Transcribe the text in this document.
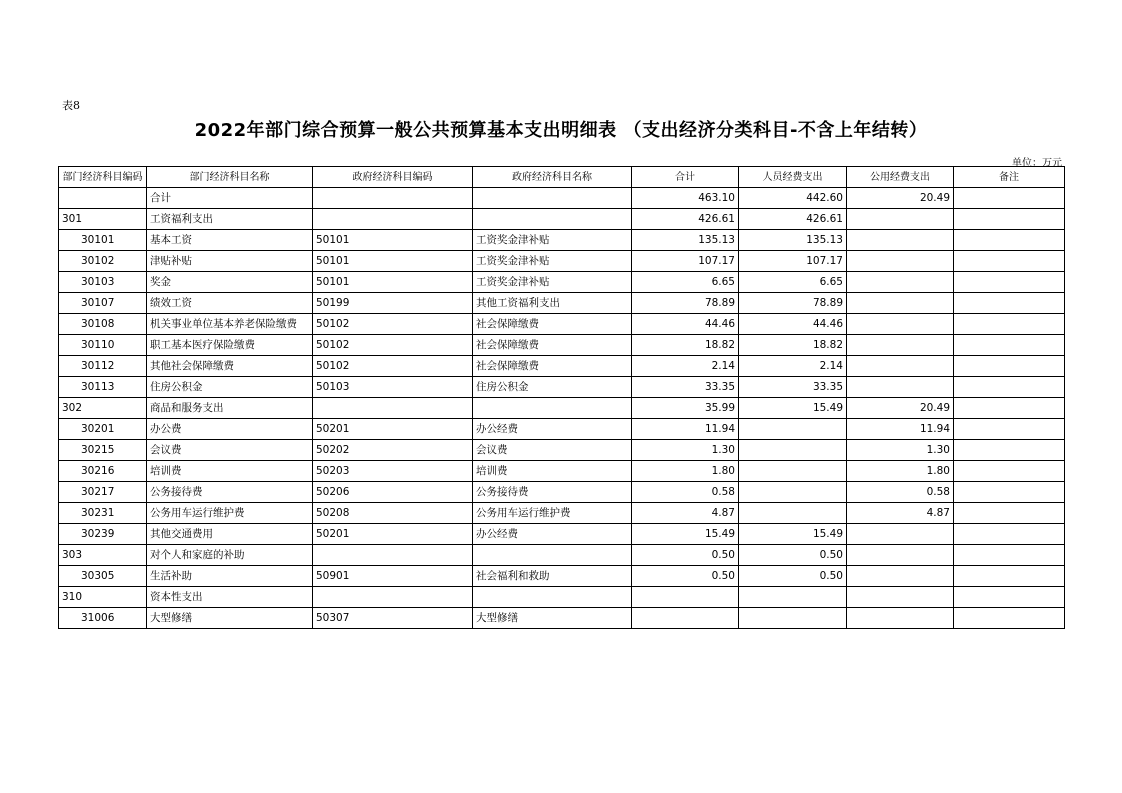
表8
2022年部门综合预算一般公共预算基本支出明细表 （支出经济分类科目-不含上年结转）
单位：万元
部门经济科目编码	部门经济科目名称	政府经济科目编码	政府经济科目名称	合计	人员经费支出	公用经费支出	备注
	合计			463.10	442.60	20.49	
301	工资福利支出			426.61	426.61		
30101	基本工资	50101	工资奖金津补贴	135.13	135.13		
30102	津贴补贴	50101	工资奖金津补贴	107.17	107.17		
30103	奖金	50101	工资奖金津补贴	6.65	6.65		
30107	绩效工资	50199	其他工资福利支出	78.89	78.89		
30108	机关事业单位基本养老保险缴费	50102	社会保障缴费	44.46	44.46		
30110	职工基本医疗保险缴费	50102	社会保障缴费	18.82	18.82		
30112	其他社会保障缴费	50102	社会保障缴费	2.14	2.14		
30113	住房公积金	50103	住房公积金	33.35	33.35		
302	商品和服务支出			35.99	15.49	20.49	
30201	办公费	50201	办公经费	11.94		11.94	
30215	会议费	50202	会议费	1.30		1.30	
30216	培训费	50203	培训费	1.80		1.80	
30217	公务接待费	50206	公务接待费	0.58		0.58	
30231	公务用车运行维护费	50208	公务用车运行维护费	4.87		4.87	
30239	其他交通费用	50201	办公经费	15.49	15.49		
303	对个人和家庭的补助			0.50	0.50		
30305	生活补助	50901	社会福利和救助	0.50	0.50		
310	资本性支出						
31006	大型修缮	50307	大型修缮				
